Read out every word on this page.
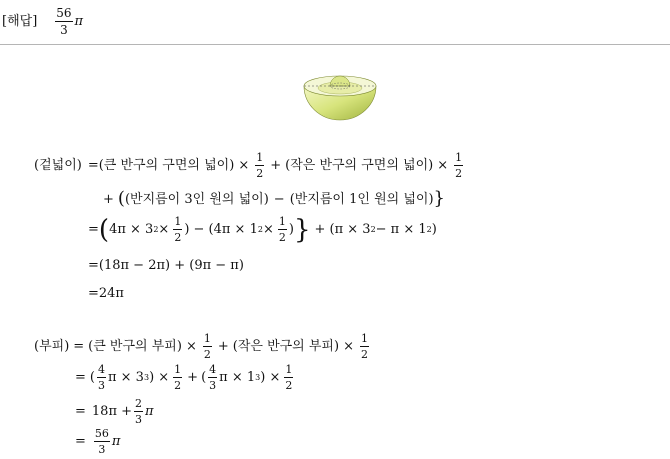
[해답] $\frac{56}{3}$ π
(겉넓이) = (큰 반구의 구면의 넓이) × $\frac{1}{2}$ + (작은 반구의 구면의 넓이) × $\frac{1}{2}$
+ ( (반지름이 3인 원의 넓이) − (반지름이 1인 원의 넓이) }
= ( 4π × 3 $2 \times \frac{1}{2}$ ) − (4π × 1 $2 \times \frac{1}{2}$ ) } + (π × 3 2 − π × 1 2 )
=(18π − 2π) + (9π − π)
=24π
(부피) = (큰 반구의 부피) × $\frac{1}{2}$ + (작은 반구의 부피) × $\frac{1}{2}$
= ( $\frac{4}{3}$ π × 3 3 ) × $\frac{1}{2}$ + ( $\frac{4}{3}$ π × 1 3 ) × $\frac{1}{2}$
= $18\pi + \frac{2}{3}$ π
= $\frac{56}{3}$ π
